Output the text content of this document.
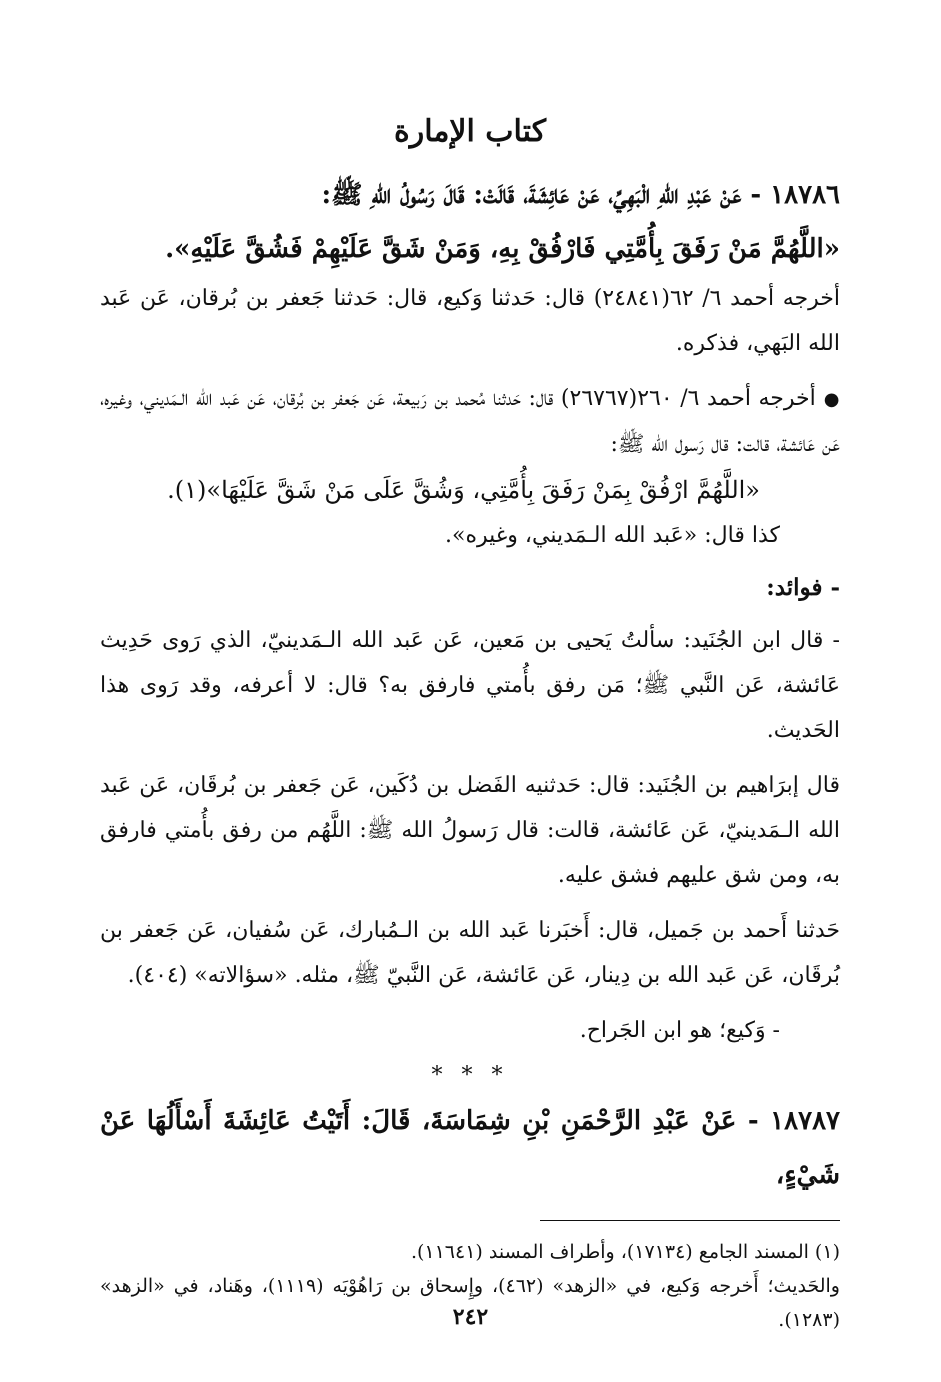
كتاب الإمارة

١٨٧٨٦ - عَنْ عَبْدِ اللهِ الْبَهِيِّ، عَنْ عَائِشَةَ، قَالَتْ: قَالَ رَسُولُ اللهِ ﷺ:

«اللَّهُمَّ مَنْ رَفَقَ بِأُمَّتِي فَارْفُقْ بِهِ، وَمَنْ شَقَّ عَلَيْهِمْ فَشُقَّ عَلَيْهِ».

أخرجه أحمد ٦/ ٦٢(٢٤٨٤١) قال: حَدثنا وَكيع، قال: حَدثنا جَعفر بن بُرقان، عَن عَبد الله البَهي، فذكره.

●أخرجه أحمد ٦/ ٢٦٠(٢٦٧٦٧) قال: حَدثنا مُحمد بن رَبيعة، عَن جَعفر بن بُرقان، عَن عَبد الله الـمَديني، وغيره، عَن عَائشة، قالت: قال رَسول الله ﷺ:

«اللَّهُمَّ ارْفُقْ بِمَنْ رَفَقَ بِأُمَّتِي، وَشُقَّ عَلَى مَنْ شَقَّ عَلَيْهَا»(١).

كذا قال: «عَبد الله الـمَديني، وغيره».

- فوائد:

- قال ابن الجُنَيد: سألتُ يَحيى بن مَعين، عَن عَبد الله الـمَدينيّ، الذي رَوى حَدِيث عَائشة، عَن النَّبي ﷺ؛ مَن رفق بأُمتي فارفق به؟ قال: لا أعرفه، وقد رَوى هذا الحَديث.

قال إبرَاهيم بن الجُنَيد: قال: حَدثنيه الفَضل بن دُكَين، عَن جَعفر بن بُرقَان، عَن عَبد الله الـمَدينيّ، عَن عَائشة، قالت: قال رَسولُ الله ﷺ: اللَّهُم من رفق بأُمتي فارفق به، ومن شق عليهم فشق عليه.

حَدثنا أَحمد بن جَميل، قال: أَخبَرنا عَبد الله بن الـمُبارك، عَن سُفيان، عَن جَعفر بن بُرقَان، عَن عَبد الله بن دِينار، عَن عَائشة، عَن النَّبيّ ﷺ، مثله. «سؤالاته» (٤٠٤).

- وَكيع؛ هو ابن الجَراح.

* * *

١٨٧٨٧ - عَنْ عَبْدِ الرَّحْمَنِ بْنِ شِمَاسَةَ، قَالَ: أَتَيْتُ عَائِشَةَ أَسْأَلُهَا عَنْ شَيْءٍ،

(١) المسند الجامع (١٧١٣٤)، وأطراف المسند (١١٦٤١).

والحَديث؛ أَخرجه وَكيع، في «الزهد» (٤٦٢)، وإِسحاق بن رَاهُوْيَه (١١١٩)، وهَناد، في «الزهد» (١٢٨٣).

٢٤٢
